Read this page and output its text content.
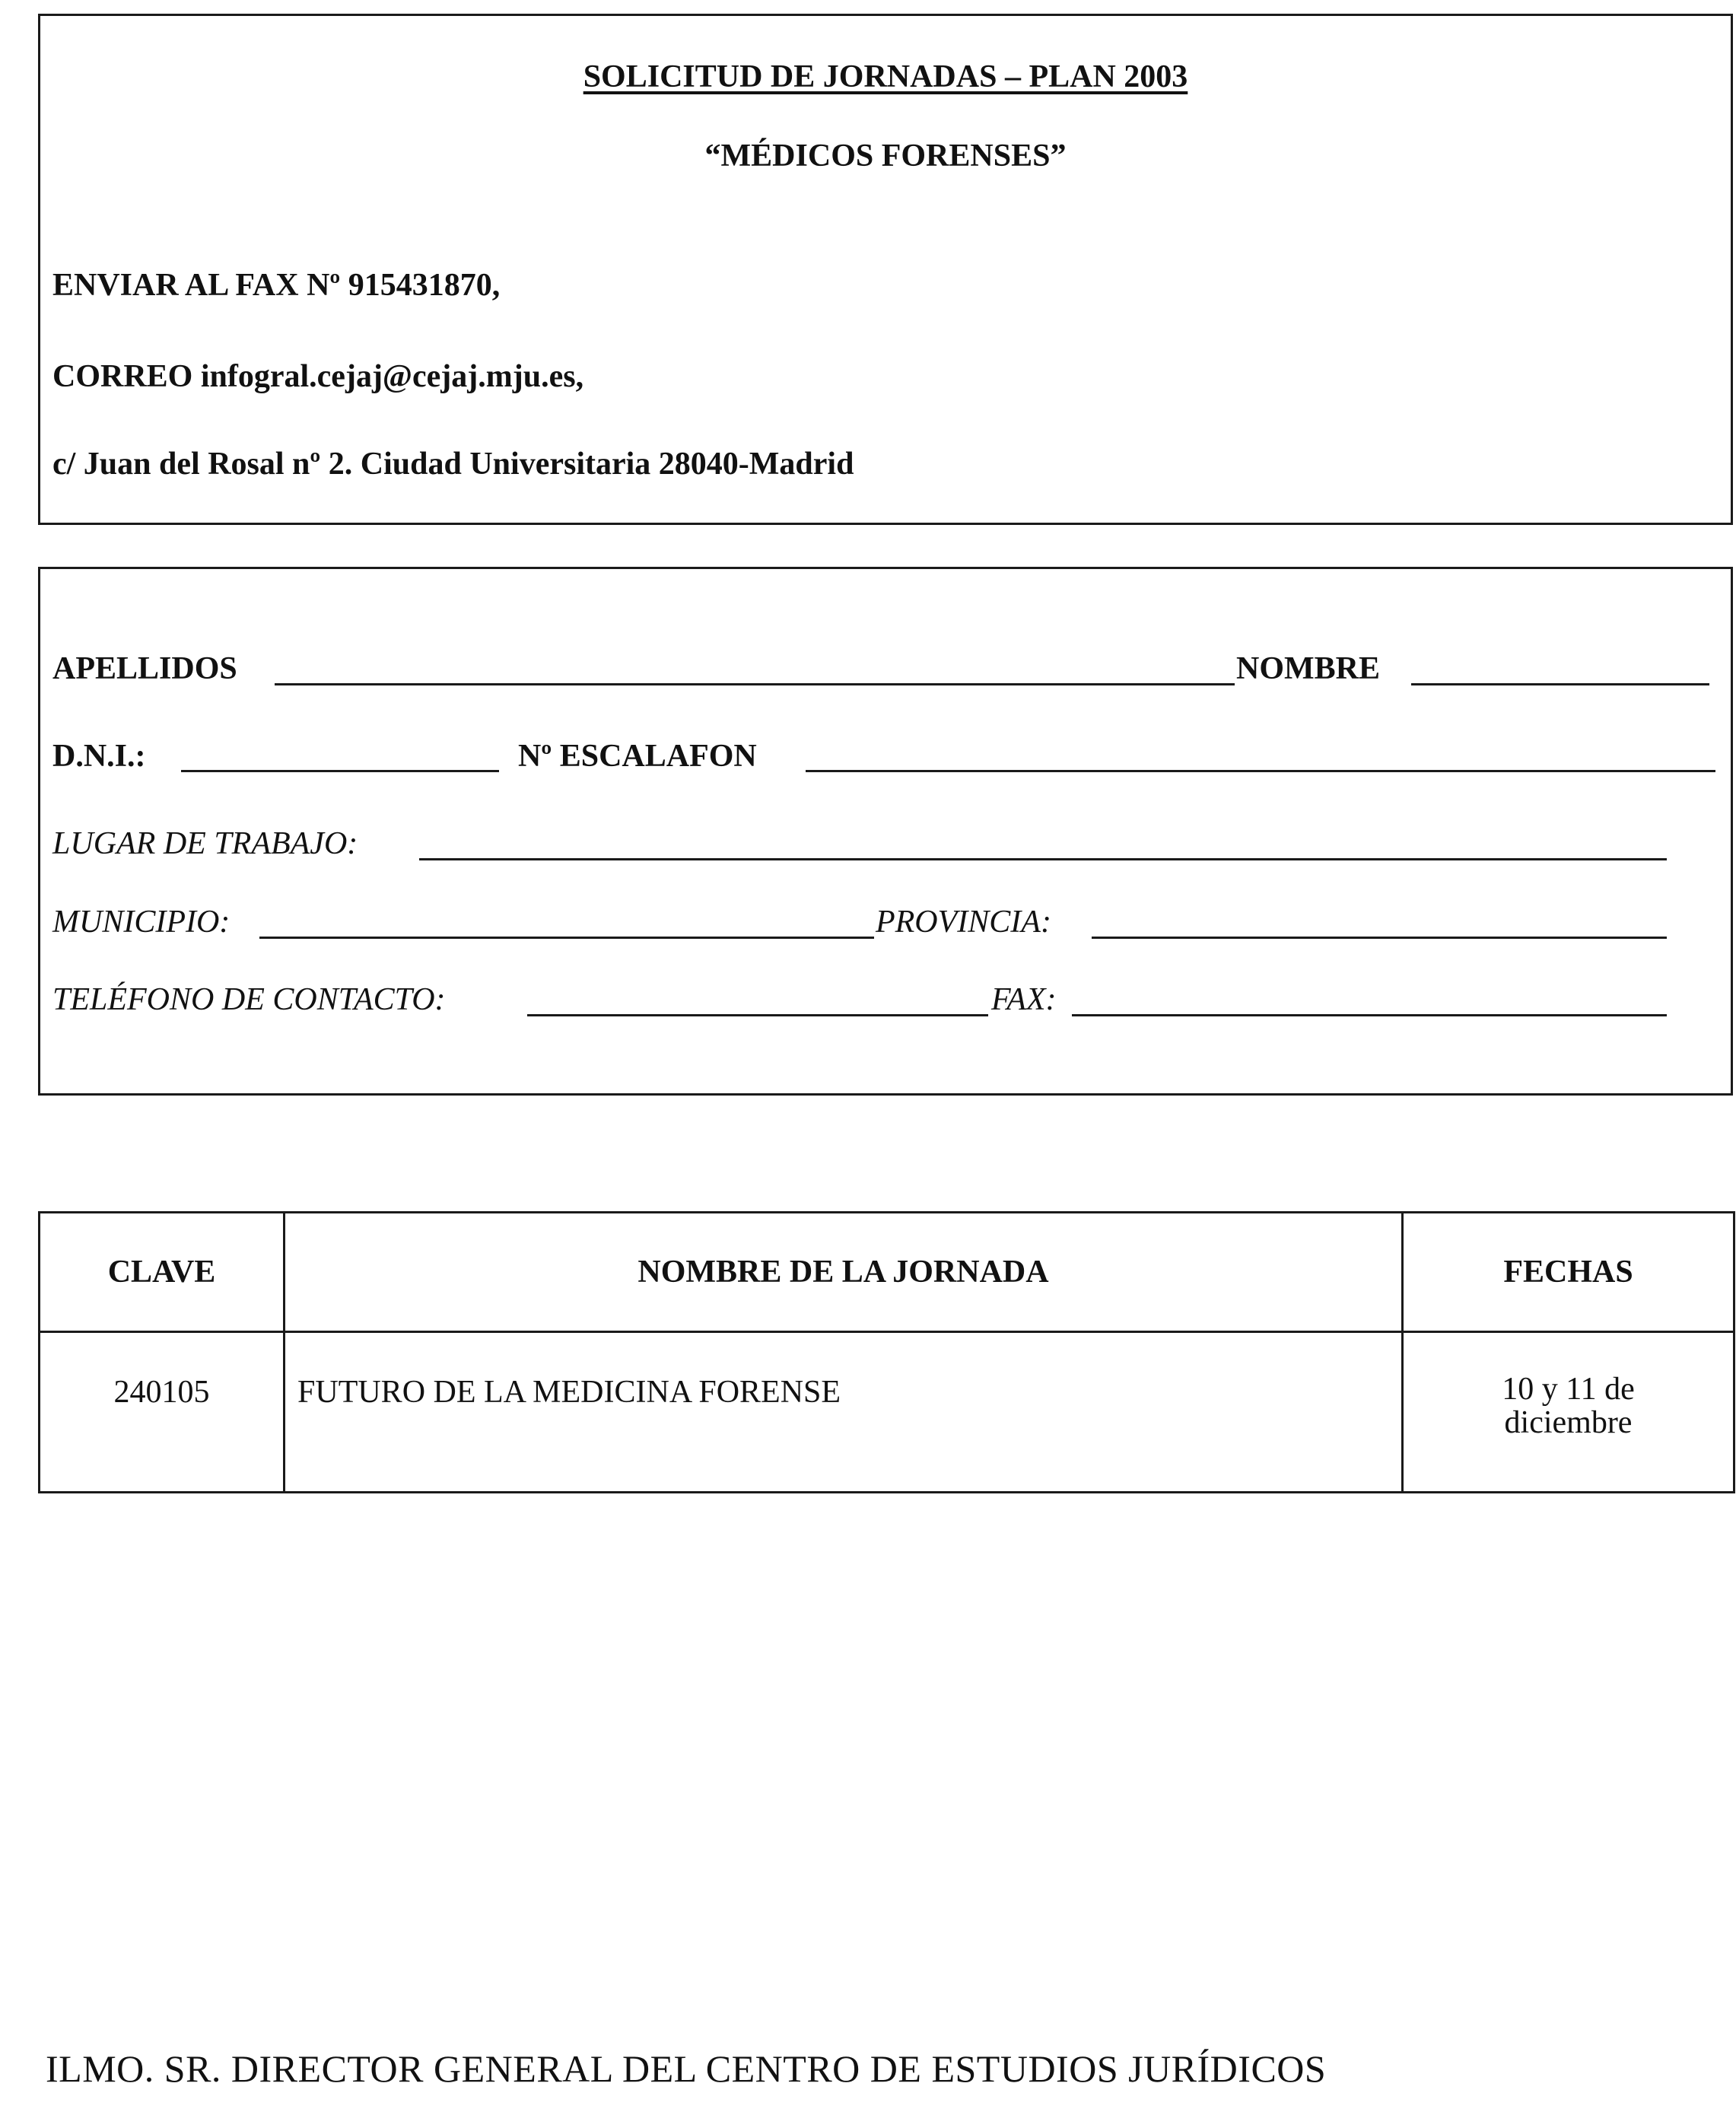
SOLICITUD DE JORNADAS – PLAN 2003
“MÉDICOS FORENSES”
ENVIAR AL FAX Nº 915431870,
CORREO infogral.cejaj@cejaj.mju.es,
c/ Juan del Rosal nº 2. Ciudad Universitaria 28040-Madrid
APELLIDOS	NOMBRE
D.N.I.:	Nº ESCALAFON
LUGAR DE TRABAJO:
MUNICIPIO:	PROVINCIA:
TELÉFONO DE CONTACTO:	FAX:
CLAVE	NOMBRE DE LA JORNADA	FECHAS
240105	FUTURO DE LA MEDICINA FORENSE	10 y 11 de
diciembre
ILMO. SR. DIRECTOR GENERAL DEL CENTRO DE ESTUDIOS JURÍDICOS
